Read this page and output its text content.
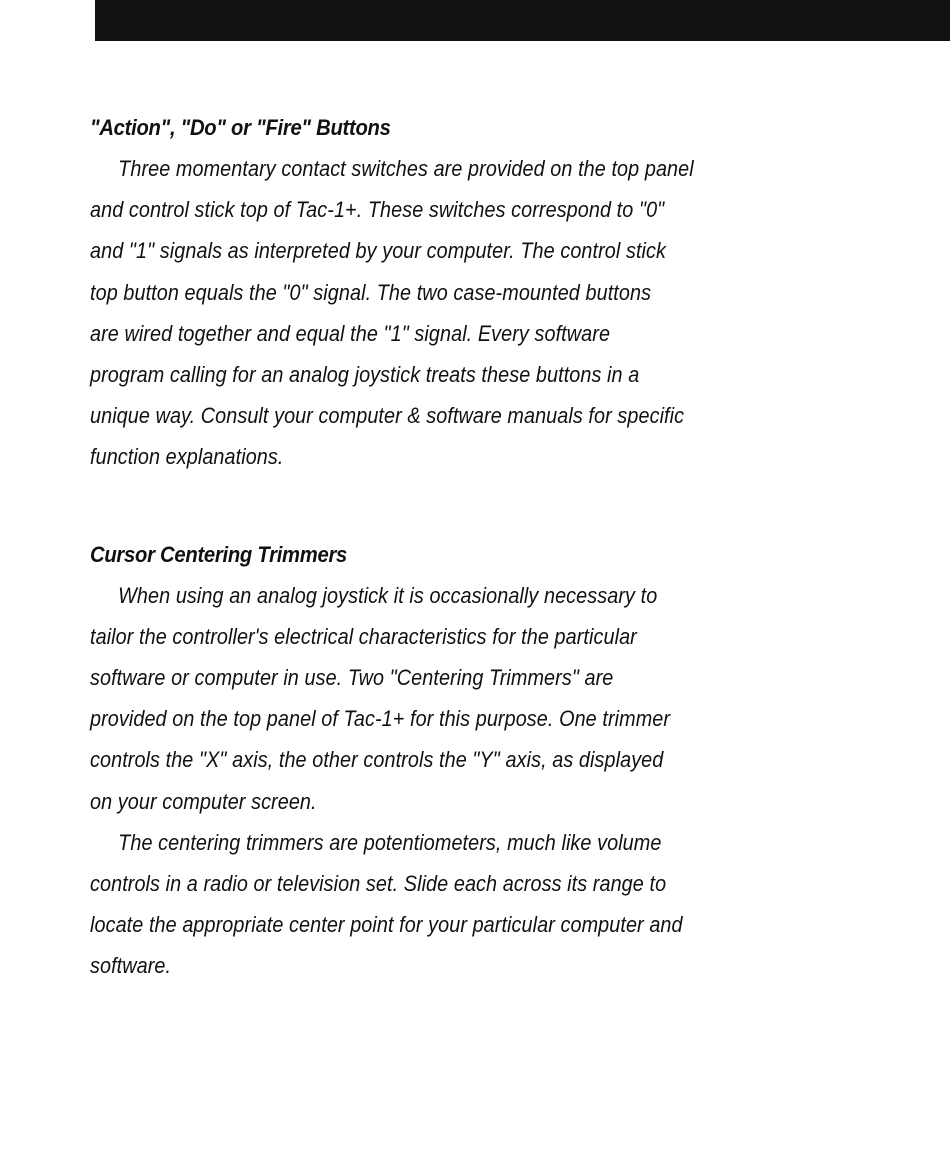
"Action", "Do" or "Fire" Buttons

Three momentary contact switches are provided on the top panel
and control stick top of Tac-1+. These switches correspond to "0"
and "1" signals as interpreted by your computer. The control stick
top button equals the "0" signal. The two case-mounted buttons
are wired together and equal the "1" signal. Every software
program calling for an analog joystick treats these buttons in a
unique way. Consult your computer & software manuals for specific
function explanations.

Cursor Centering Trimmers

When using an analog joystick it is occasionally necessary to
tailor the controller's electrical characteristics for the particular
software or computer in use. Two "Centering Trimmers" are
provided on the top panel of Tac-1+ for this purpose. One trimmer
controls the "X" axis, the other controls the "Y" axis, as displayed
on your computer screen.

The centering trimmers are potentiometers, much like volume
controls in a radio or television set. Slide each across its range to
locate the appropriate center point for your particular computer and
software.
